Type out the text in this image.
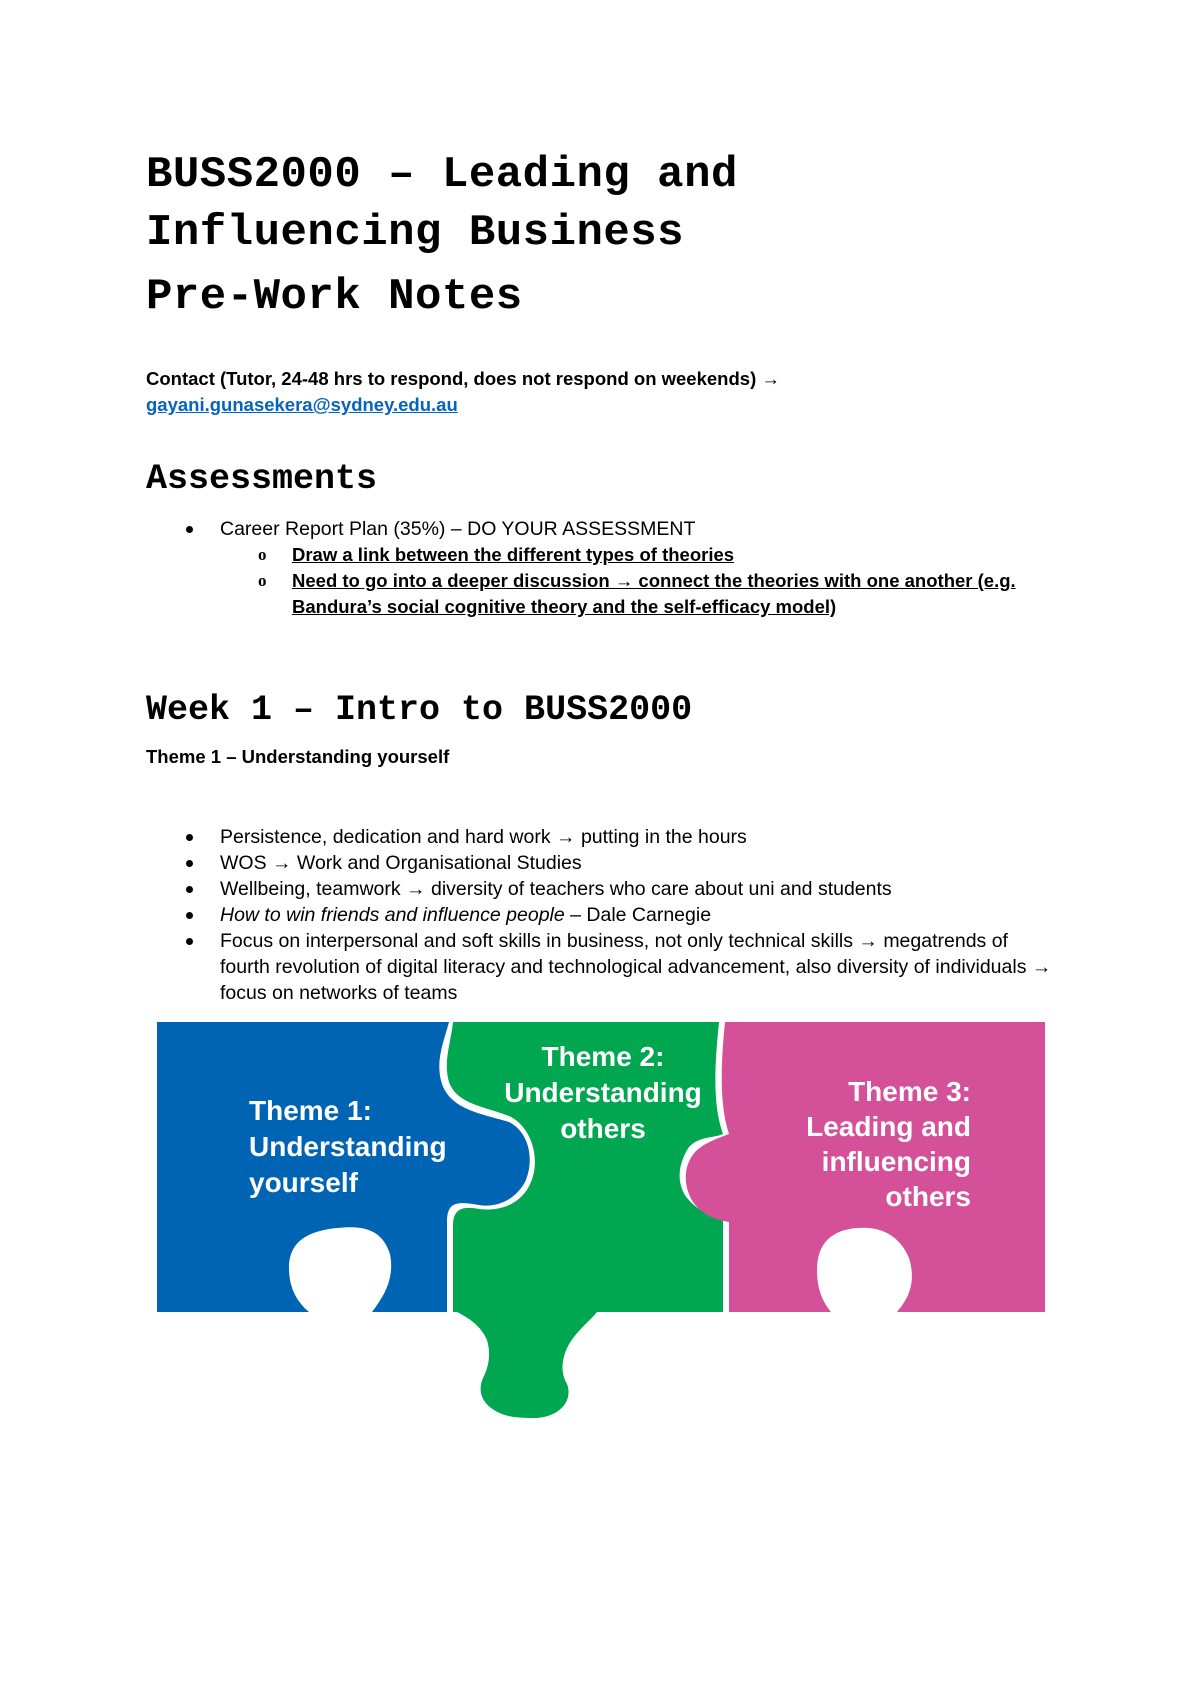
BUSS2000 – Leading and
Influencing Business
Pre-Work Notes
Contact (Tutor, 24-48 hrs to respond, does not respond on weekends) →
gayani.gunasekera@sydney.edu.au
Assessments
Career Report Plan (35%) – DO YOUR ASSESSMENT
o Draw a link between the different types of theories
o Need to go into a deeper discussion → connect the theories with one another (e.g. Bandura’s social cognitive theory and the self-efficacy model)
Week 1 – Intro to BUSS2000
Theme 1 – Understanding yourself
Persistence, dedication and hard work → putting in the hours
WOS → Work and Organisational Studies
Wellbeing, teamwork → diversity of teachers who care about uni and students
How to win friends and influence people – Dale Carnegie
Focus on interpersonal and soft skills in business, not only technical skills → megatrends of fourth revolution of digital literacy and technological advancement, also diversity of individuals → focus on networks of teams
Theme 1:
Understanding
yourself
Theme 2:
Understanding
others
Theme 3:
Leading and
influencing
others
